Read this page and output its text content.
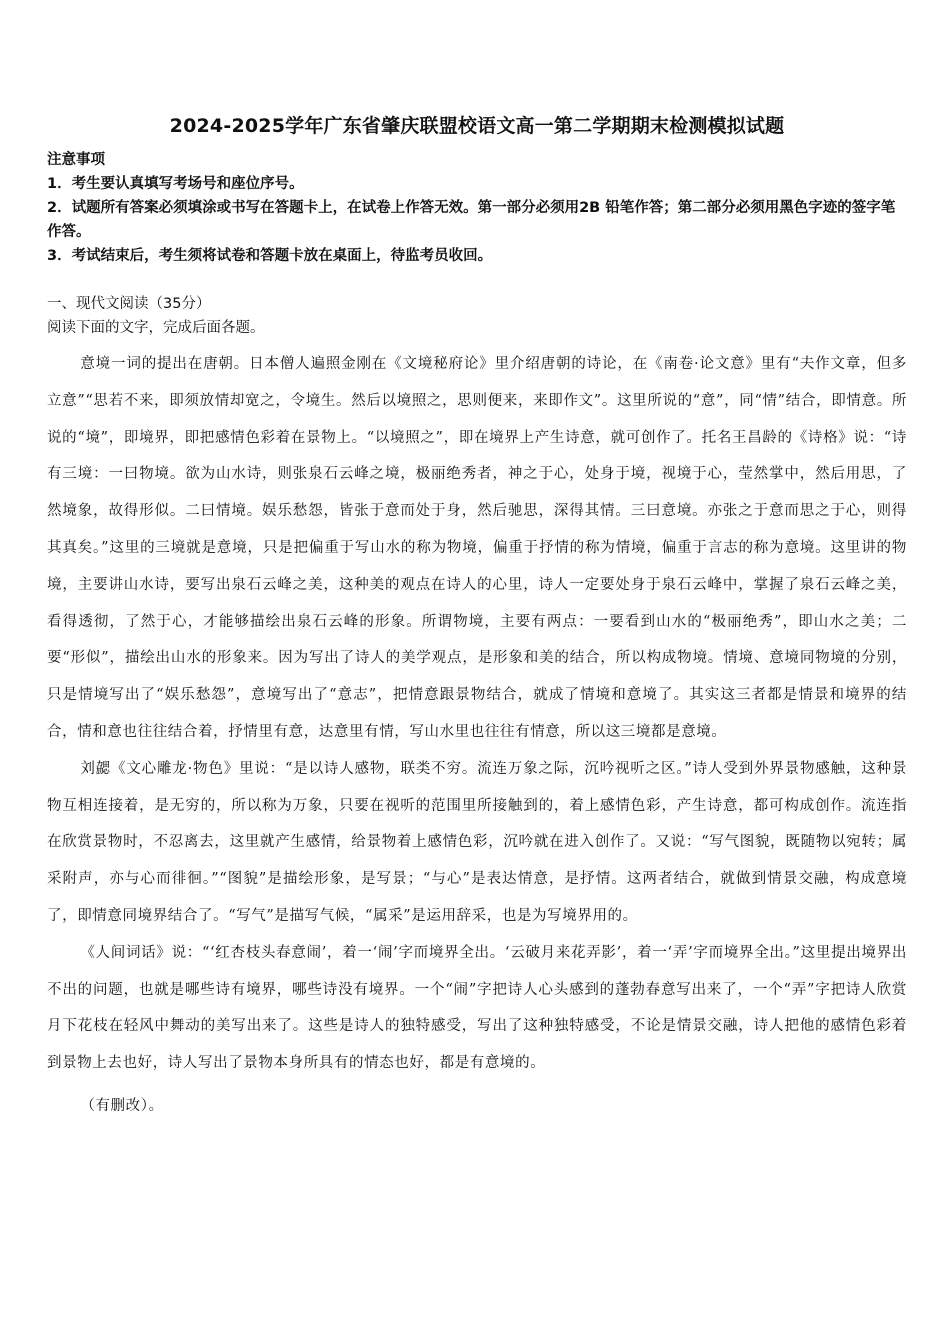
2024-2025学年广东省肇庆联盟校语文高一第二学期期末检测模拟试题

注意事项

1．考生要认真填写考场号和座位序号。

2．试题所有答案必须填涂或书写在答题卡上，在试卷上作答无效。第一部分必须用2B 铅笔作答；第二部分必须用黑色字迹的签字笔作答。

3．考试结束后，考生须将试卷和答题卡放在桌面上，待监考员收回。

一、现代文阅读（35分）

阅读下面的文字，完成后面各题。

意境一词的提出在唐朝。日本僧人遍照金刚在《文境秘府论》里介绍唐朝的诗论，在《南卷·论文意》里有“夫作文章，但多立意”“思若不来，即须放情却宽之，令境生。然后以境照之，思则便来，来即作文”。这里所说的“意”，同“情”结合，即情意。所说的“境”，即境界，即把感情色彩着在景物上。“以境照之”，即在境界上产生诗意，就可创作了。托名王昌龄的《诗格》说：“诗有三境：一曰物境。欲为山水诗，则张泉石云峰之境，极丽绝秀者，神之于心，处身于境，视境于心，莹然掌中，然后用思，了然境象，故得形似。二曰情境。娱乐愁怨，皆张于意而处于身，然后驰思，深得其情。三曰意境。亦张之于意而思之于心，则得其真矣。”这里的三境就是意境，只是把偏重于写山水的称为物境，偏重于抒情的称为情境，偏重于言志的称为意境。这里讲的物境，主要讲山水诗，要写出泉石云峰之美，这种美的观点在诗人的心里，诗人一定要处身于泉石云峰中，掌握了泉石云峰之美，看得透彻，了然于心，才能够描绘出泉石云峰的形象。所谓物境，主要有两点：一要看到山水的“极丽绝秀”，即山水之美；二要“形似”，描绘出山水的形象来。因为写出了诗人的美学观点，是形象和美的结合，所以构成物境。情境、意境同物境的分别，只是情境写出了“娱乐愁怨”，意境写出了“意志”，把情意跟景物结合，就成了情境和意境了。其实这三者都是情景和境界的结合，情和意也往往结合着，抒情里有意，达意里有情，写山水里也往往有情意，所以这三境都是意境。

刘勰《文心雕龙·物色》里说：“是以诗人感物，联类不穷。流连万象之际，沉吟视听之区。”诗人受到外界景物感触，这种景物互相连接着，是无穷的，所以称为万象，只要在视听的范围里所接触到的，着上感情色彩，产生诗意，都可构成创作。流连指在欣赏景物时，不忍离去，这里就产生感情，给景物着上感情色彩，沉吟就在进入创作了。又说：“写气图貌，既随物以宛转；属采附声，亦与心而徘徊。”“图貌”是描绘形象，是写景；“与心”是表达情意，是抒情。这两者结合，就做到情景交融，构成意境了，即情意同境界结合了。“写气”是描写气候，“属采”是运用辞采，也是为写境界用的。

《人间词话》说：“‘红杏枝头春意闹’，着一‘闹’字而境界全出。‘云破月来花弄影’，着一‘弄’字而境界全出。”这里提出境界出不出的问题，也就是哪些诗有境界，哪些诗没有境界。一个“闹”字把诗人心头感到的蓬勃春意写出来了，一个“弄”字把诗人欣赏月下花枝在轻风中舞动的美写出来了。这些是诗人的独特感受，写出了这种独特感受，不论是情景交融，诗人把他的感情色彩着到景物上去也好，诗人写出了景物本身所具有的情态也好，都是有意境的。

（有删改）。
